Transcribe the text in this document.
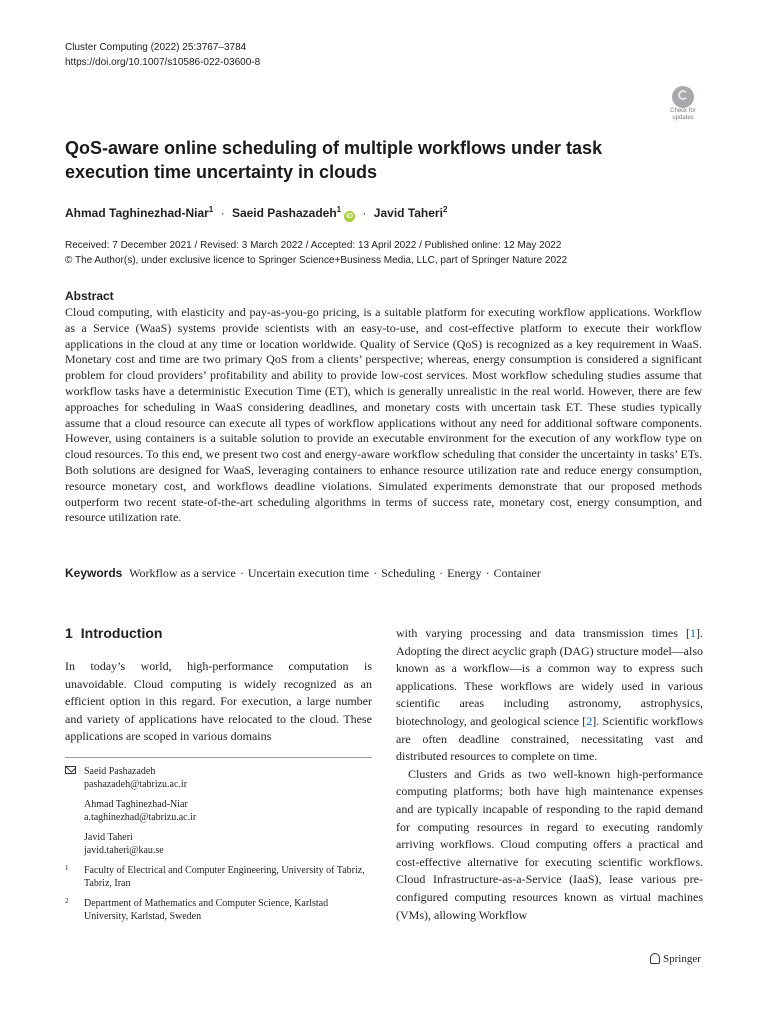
Cluster Computing (2022) 25:3767–3784
https://doi.org/10.1007/s10586-022-03600-8
Check for
updates
QoS-aware online scheduling of multiple workflows under task execution time uncertainty in clouds
Ahmad Taghinezhad-Niar$^1$ · Saeid Pashazadeh$^1$iD · Javid Taheri$^2$
Received: 7 December 2021 / Revised: 3 March 2022 / Accepted: 13 April 2022 / Published online: 12 May 2022
© The Author(s), under exclusive licence to Springer Science+Business Media, LLC, part of Springer Nature 2022
Abstract

Cloud computing, with elasticity and pay-as-you-go pricing, is a suitable platform for executing workflow applications. Workflow as a Service (WaaS) systems provide scientists with an easy-to-use, and cost-effective platform to execute their workflow applications in the cloud at any time or location worldwide. Quality of Service (QoS) is recognized as a key requirement in WaaS. Monetary cost and time are two primary QoS from a clients’ perspective; whereas, energy consumption is considered a significant problem for cloud providers’ profitability and ability to provide low-cost services. Most workflow scheduling studies assume that workflow tasks have a deterministic Execution Time (ET), which is generally unrealistic in the real world. However, there are few approaches for scheduling in WaaS considering deadlines, and monetary costs with uncertain task ET. These studies typically assume that a cloud resource can execute all types of workflow applications without any need for additional software components. However, using containers is a suitable solution to provide an executable environment for the execution of any workflow type on cloud resources. To this end, we present two cost and energy-aware workflow scheduling that consider the uncertainty in tasks’ ETs. Both solutions are designed for WaaS, leveraging containers to enhance resource utilization rate and reduce energy consumption, resource monetary cost, and workflows deadline violations. Simulated experiments demonstrate that our proposed methods outperform two recent state-of-the-art scheduling algorithms in terms of success rate, monetary cost, energy consumption, and resource utilization rate.

Keywords Workflow as a service · Uncertain execution time · Scheduling · Energy · Container
1 Introduction

In today’s world, high-performance computation is unavoidable. Cloud computing is widely recognized as an efficient option in this regard. For execution, a large number and variety of applications have relocated to the cloud. These applications are scoped in various domains

with varying processing and data transmission times [1]. Adopting the direct acyclic graph (DAG) structure model—also known as a workflow—is a common way to express such applications. These workflows are widely used in various scientific areas including astronomy, astrophysics, biotechnology, and geological science [2]. Scientific workflows are often deadline constrained, necessitating vast and distributed resources to complete on time.

Clusters and Grids as two well-known high-performance computing platforms; both have high maintenance expenses and are typically incapable of responding to the rapid demand for computing resources in regard to executing randomly arriving workflows. Cloud computing offers a practical and cost-effective alternative for executing scientific workflows. Cloud Infrastructure-as-a-Service (IaaS), lease various pre-configured computing resources known as virtual machines (VMs), allowing Workflow

Saeid Pashazadeh
pashazadeh@tabrizu.ac.ir
Ahmad Taghinezhad-Niar
a.taghinezhad@tabrizu.ac.ir
Javid Taheri
javid.taheri@kau.se
1 Faculty of Electrical and Computer Engineering, University of Tabriz, Tabriz, Iran
2 Department of Mathematics and Computer Science, Karlstad University, Karlstad, Sweden
Springer
